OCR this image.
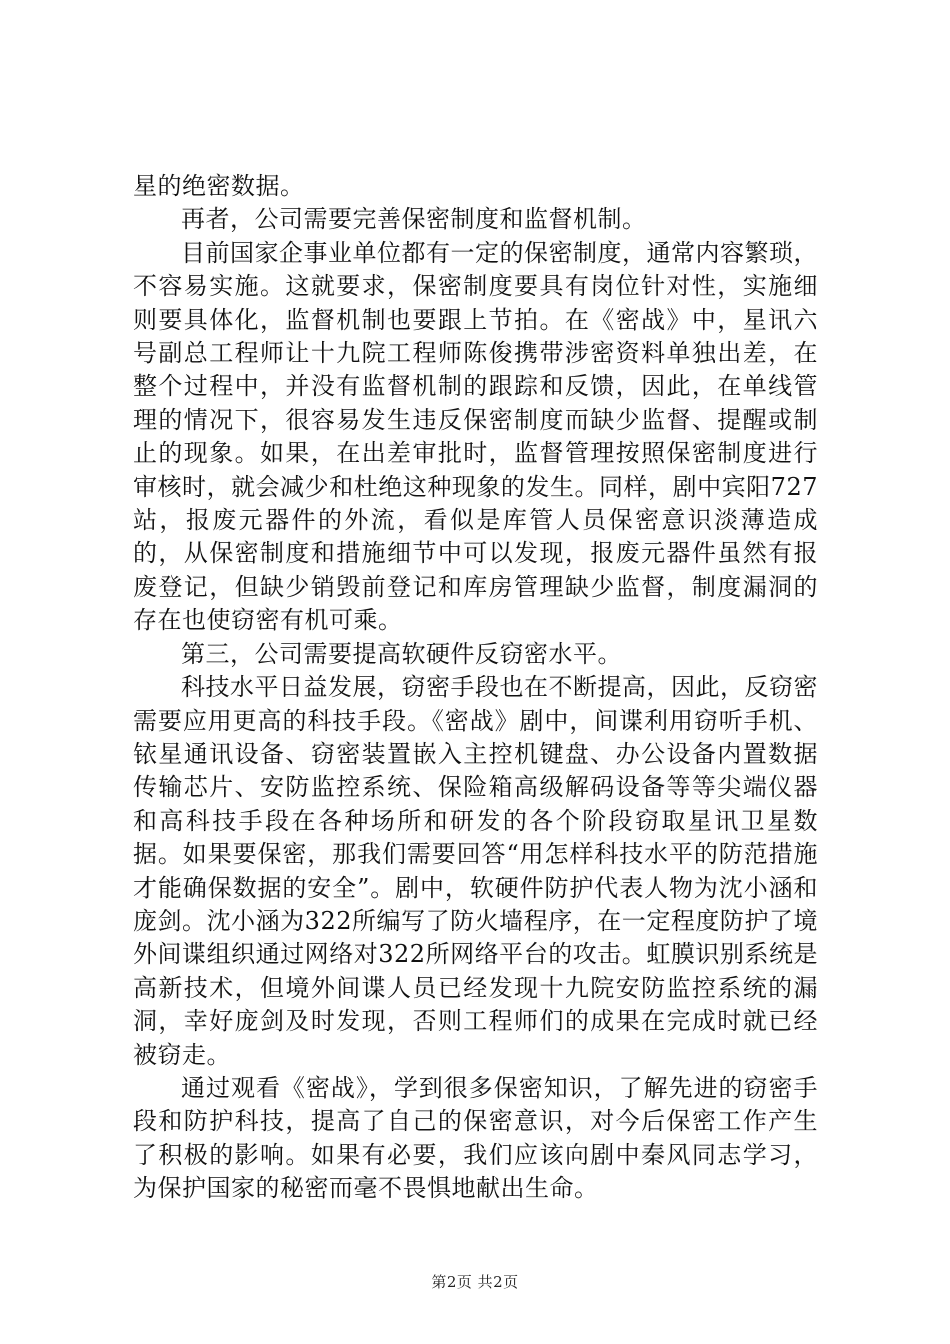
星的绝密数据。

再者，公司需要完善保密制度和监督机制。

目前国家企事业单位都有一定的保密制度，通常内容繁琐，不容易实施。这就要求，保密制度要具有岗位针对性，实施细则要具体化，监督机制也要跟上节拍。在《密战》中，星讯六号副总工程师让十九院工程师陈俊携带涉密资料单独出差，在整个过程中，并没有监督机制的跟踪和反馈，因此，在单线管理的情况下，很容易发生违反保密制度而缺少监督、提醒或制止的现象。如果，在出差审批时，监督管理按照保密制度进行审核时，就会减少和杜绝这种现象的发生。同样，剧中宾阳727站，报废元器件的外流，看似是库管人员保密意识淡薄造成的，从保密制度和措施细节中可以发现，报废元器件虽然有报废登记，但缺少销毁前登记和库房管理缺少监督，制度漏洞的存在也使窃密有机可乘。

第三，公司需要提高软硬件反窃密水平。

科技水平日益发展，窃密手段也在不断提高，因此，反窃密需要应用更高的科技手段。《密战》剧中，间谍利用窃听手机、铱星通讯设备、窃密装置嵌入主控机键盘、办公设备内置数据传输芯片、安防监控系统、保险箱高级解码设备等等尖端仪器和高科技手段在各种场所和研发的各个阶段窃取星讯卫星数据。如果要保密，那我们需要回答“用怎样科技水平的防范措施才能确保数据的安全”。剧中，软硬件防护代表人物为沈小涵和庞剑。沈小涵为322所编写了防火墙程序，在一定程度防护了境外间谍组织通过网络对322所网络平台的攻击。虹膜识别系统是高新技术，但境外间谍人员已经发现十九院安防监控系统的漏洞，幸好庞剑及时发现，否则工程师们的成果在完成时就已经被窃走。

通过观看《密战》，学到很多保密知识，了解先进的窃密手段和防护科技，提高了自己的保密意识，对今后保密工作产生了积极的影响。如果有必要，我们应该向剧中秦风同志学习，为保护国家的秘密而毫不畏惧地献出生命。

第2页 共2页
